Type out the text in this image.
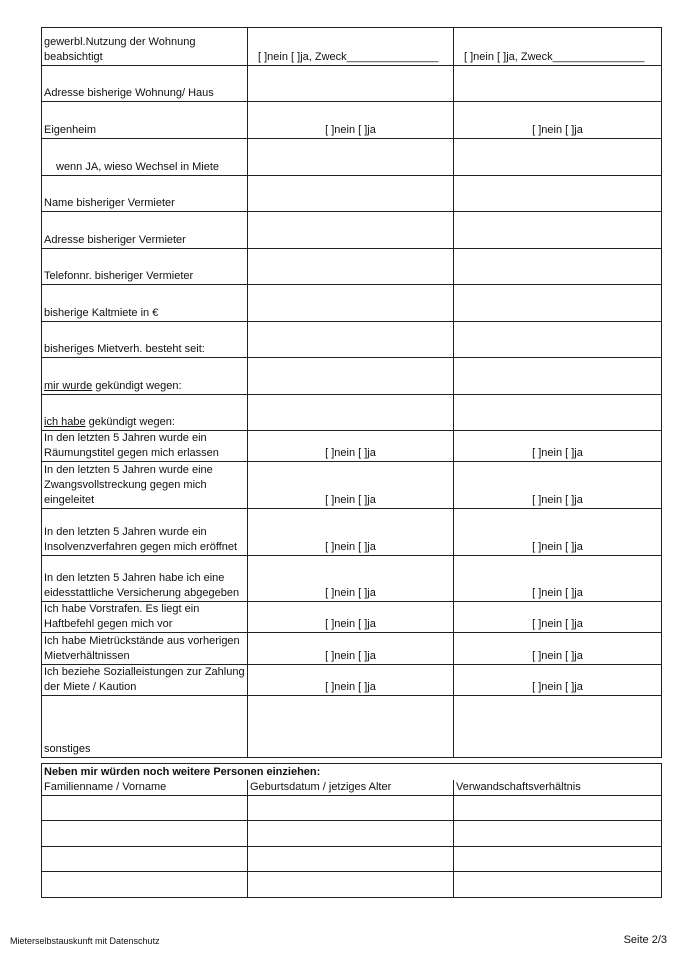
gewerbl.Nutzung der Wohnung beabsichtigt	[ ]nein [ ]ja, Zweck_______________	[ ]nein [ ]ja, Zweck_______________
Adresse bisherige Wohnung/ Haus		
Eigenheim	[ ]nein [ ]ja	[ ]nein [ ]ja
wenn JA, wieso Wechsel in Miete		
Name bisheriger Vermieter		
Adresse bisheriger Vermieter		
Telefonnr. bisheriger Vermieter		
bisherige Kaltmiete in €		
bisheriges Mietverh. besteht seit:		
mir wurde gekündigt wegen:		
ich habe gekündigt wegen:		
In den letzten 5 Jahren wurde ein Räumungstitel gegen mich erlassen	[ ]nein [ ]ja	[ ]nein [ ]ja
In den letzten 5 Jahren wurde eine Zwangsvollstreckung gegen mich eingeleitet	[ ]nein [ ]ja	[ ]nein [ ]ja
In den letzten 5 Jahren wurde ein Insolvenzverfahren gegen mich eröffnet	[ ]nein [ ]ja	[ ]nein [ ]ja
In den letzten 5 Jahren habe ich eine eidesstattliche Versicherung abgegeben	[ ]nein [ ]ja	[ ]nein [ ]ja
Ich habe Vorstrafen. Es liegt ein Haftbefehl gegen mich vor	[ ]nein [ ]ja	[ ]nein [ ]ja
Ich habe Mietrückstände aus vorherigen Mietverhältnissen	[ ]nein [ ]ja	[ ]nein [ ]ja
Ich beziehe Sozialleistungen zur Zahlung der Miete / Kaution	[ ]nein [ ]ja	[ ]nein [ ]ja
sonstiges		
Neben mir würden noch weitere Personen einziehen:		
Familienname / Vorname	Geburtsdatum / jetziges Alter	Verwandschaftsverhältnis

Mieterselbstauskunft mit Datenschutz	Seite 2/3
